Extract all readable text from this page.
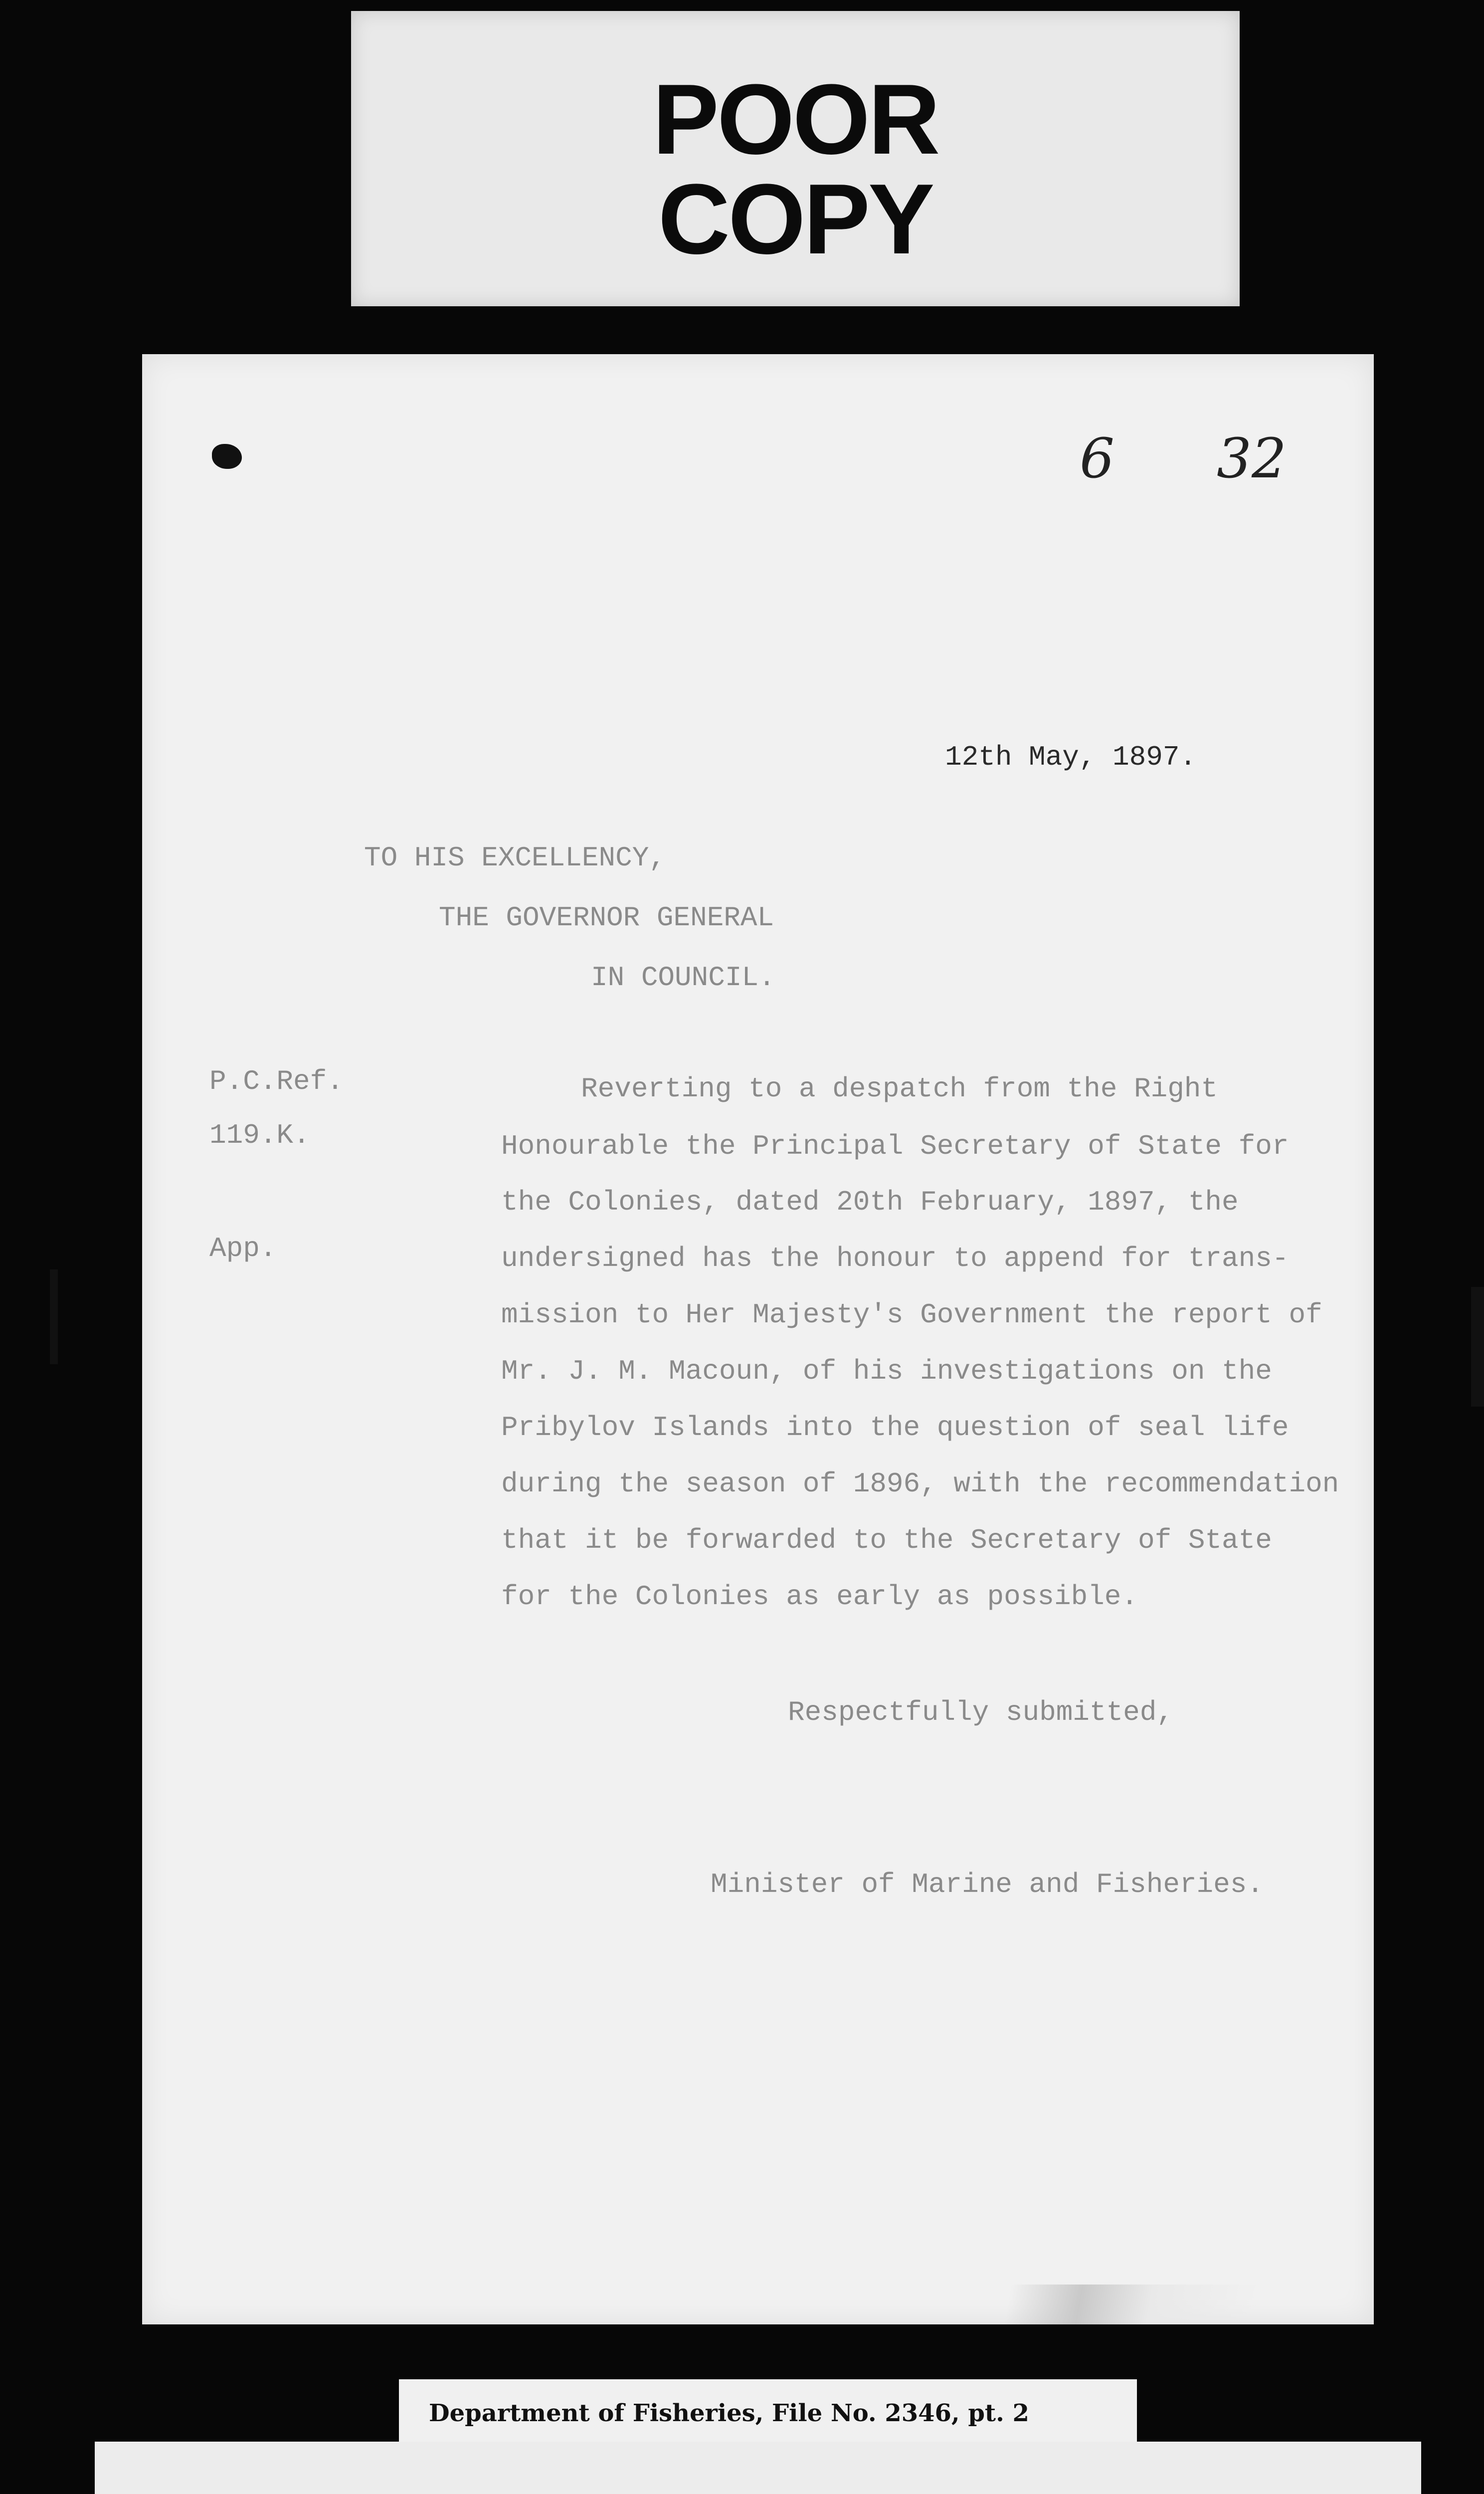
POOR
COPY
6 32
12th May, 1897.
TO HIS EXCELLENCY,
THE GOVERNOR GENERAL
IN COUNCIL.
P.C.Ref.
119.K.
App.
Reverting to a despatch from the Right
Honourable the Principal Secretary of State for
the Colonies, dated 20th February, 1897, the
undersigned has the honour to append for trans-
mission to Her Majesty's Government the report of
Mr. J. M. Macoun, of his investigations on the
Pribylov Islands into the question of seal life
during the season of 1896, with the recommendation
that it be forwarded to the Secretary of State
for the Colonies as early as possible.
Respectfully submitted,
Minister of Marine and Fisheries.
Department of Fisheries, File No. 2346, pt. 2
